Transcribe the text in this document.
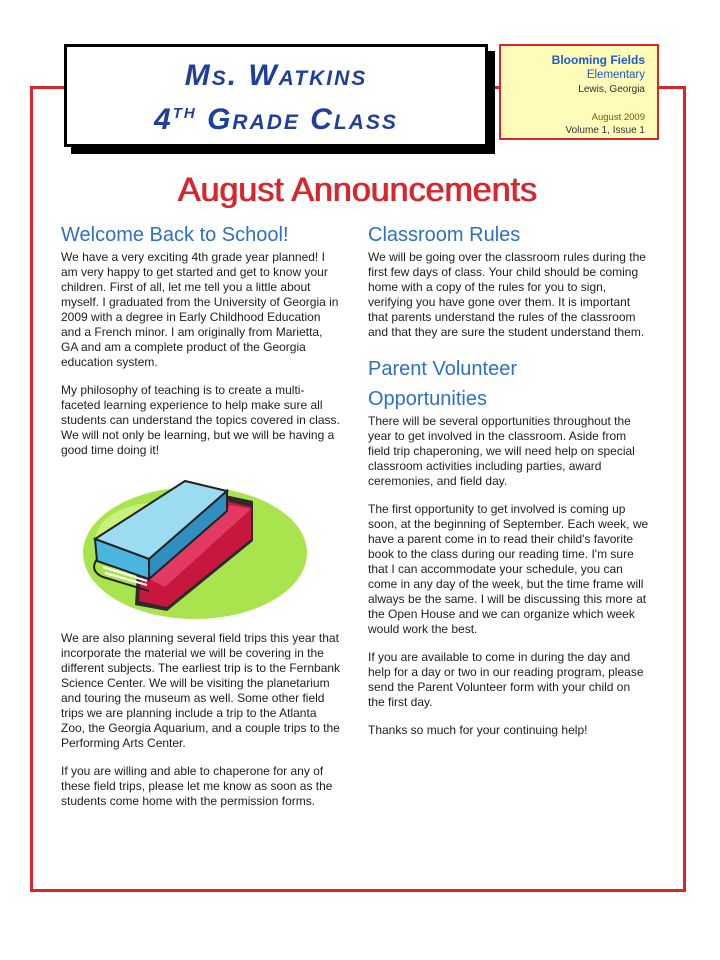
Ms. Watkins
4TH Grade Class
Blooming Fields
Elementary
Lewis, Georgia
August 2009
Volume 1, Issue 1
August Announcements
Welcome Back to School!

We have a very exciting 4th grade year planned! I am very happy to get started and get to know your children. First of all, let me tell you a little about myself. I graduated from the University of Georgia in 2009 with a degree in Early Childhood Education and a French minor. I am originally from Marietta, GA and am a complete product of the Georgia education system.

My philosophy of teaching is to create a multi-faceted learning experience to help make sure all students can understand the topics covered in class. We will not only be learning, but we will be having a good time doing it!

We are also planning several field trips this year that incorporate the material we will be covering in the different subjects. The earliest trip is to the Fernbank Science Center. We will be visiting the planetarium and touring the museum as well. Some other field trips we are planning include a trip to the Atlanta Zoo, the Georgia Aquarium, and a couple trips to the Performing Arts Center.

If you are willing and able to chaperone for any of these field trips, please let me know as soon as the students come home with the permission forms.

Classroom Rules

We will be going over the classroom rules during the first few days of class. Your child should be coming home with a copy of the rules for you to sign, verifying you have gone over them. It is important that parents understand the rules of the classroom and that they are sure the student understand them.

Parent Volunteer
Opportunities

There will be several opportunities throughout the year to get involved in the classroom. Aside from field trip chaperoning, we will need help on special classroom activities including parties, award ceremonies, and field day.

The first opportunity to get involved is coming up soon, at the beginning of September. Each week, we have a parent come in to read their child's favorite book to the class during our reading time. I'm sure that I can accommodate your schedule, you can come in any day of the week, but the time frame will always be the same. I will be discussing this more at the Open House and we can organize which week would work the best.

If you are available to come in during the day and help for a day or two in our reading program, please send the Parent Volunteer form with your child on the first day.

Thanks so much for your continuing help!
